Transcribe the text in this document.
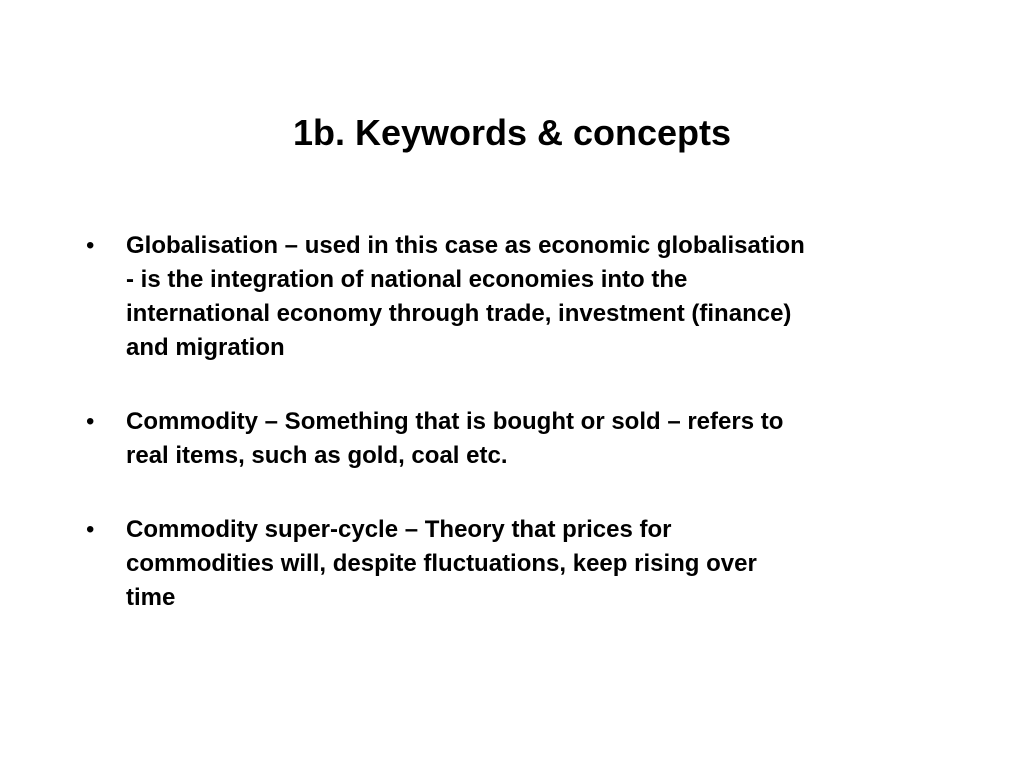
1b. Keywords & concepts
• Globalisation – used in this case as economic globalisation
- is the integration of national economies into the
international economy through trade, investment (finance)
and migration
• Commodity – Something that is bought or sold – refers to
real items, such as gold, coal etc.
• Commodity super-cycle – Theory that prices for
commodities will, despite fluctuations, keep rising over
time
